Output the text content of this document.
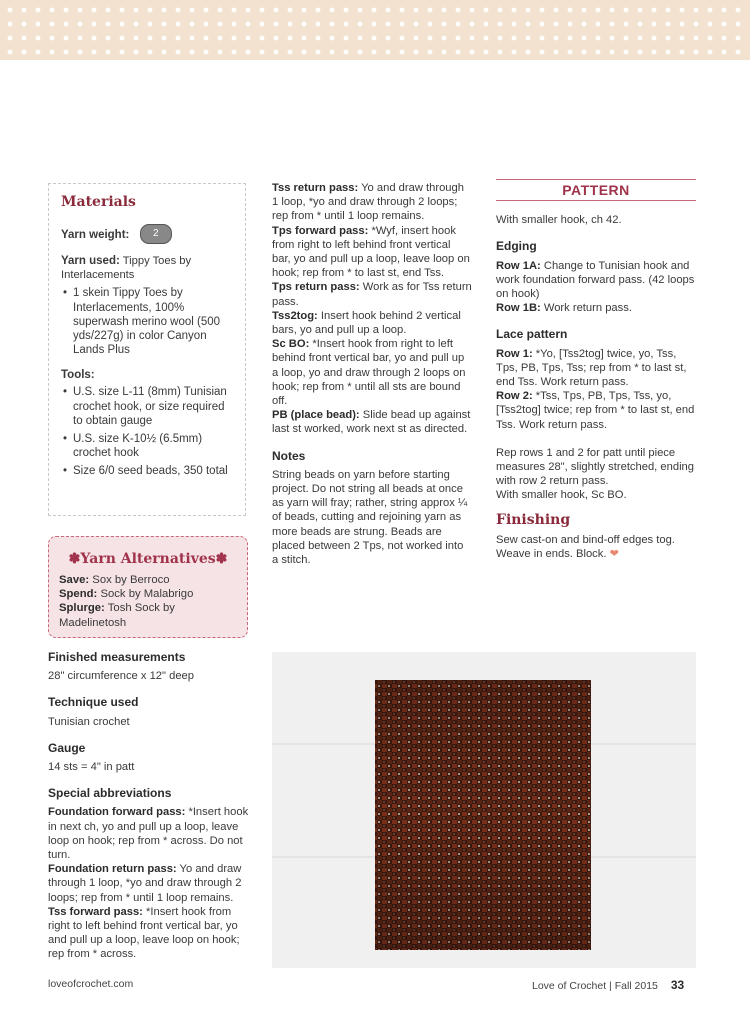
Materials
Yarn weight: 2
Yarn used: Tippy Toes by Interlacements
• 1 skein Tippy Toes by Interlacements, 100% superwash merino wool (500 yds/227g) in color Canyon Lands Plus
Tools:
• U.S. size L-11 (8mm) Tunisian crochet hook, or size required to obtain gauge
• U.S. size K-10½ (6.5mm) crochet hook
• Size 6/0 seed beads, 350 total
✽Yarn Alternatives✽

Save: Sox by Berroco

Spend: Sock by Malabrigo

Splurge: Tosh Sock by Madelinetosh

Finished measurements

28" circumference x 12" deep

Technique used

Tunisian crochet

Gauge

14 sts = 4" in patt

Special abbreviations

Foundation forward pass: *Insert hook in next ch, yo and pull up a loop, leave loop on hook; rep from * across. Do not turn.

Foundation return pass: Yo and draw through 1 loop, *yo and draw through 2 loops; rep from * until 1 loop remains.

Tss forward pass: *Insert hook from right to left behind front vertical bar, yo and pull up a loop, leave loop on hook; rep from * across.

Tss return pass: Yo and draw through 1 loop, *yo and draw through 2 loops; rep from * until 1 loop remains.

Tps forward pass: *Wyf, insert hook from right to left behind front vertical bar, yo and pull up a loop, leave loop on hook; rep from * to last st, end Tss.

Tps return pass: Work as for Tss return pass.

Tss2tog: Insert hook behind 2 vertical bars, yo and pull up a loop.

Sc BO: *Insert hook from right to left behind front vertical bar, yo and pull up a loop, yo and draw through 2 loops on hook; rep from * until all sts are bound off.

PB (place bead): Slide bead up against last st worked, work next st as directed.

Notes

String beads on yarn before starting project. Do not string all beads at once as yarn will fray; rather, string approx ¼ of beads, cutting and rejoining yarn as more beads are strung. Beads are placed between 2 Tps, not worked into a stitch.

PATTERN

With smaller hook, ch 42.

Edging

Row 1A: Change to Tunisian hook and work foundation forward pass. (42 loops on hook)

Row 1B: Work return pass.

Lace pattern

Row 1: *Yo, [Tss2tog] twice, yo, Tss, Tps, PB, Tps, Tss; rep from * to last st, end Tss. Work return pass.

Row 2: *Tss, Tps, PB, Tps, Tss, yo, [Tss2tog] twice; rep from * to last st, end Tss. Work return pass.

Rep rows 1 and 2 for patt until piece measures 28", slightly stretched, ending with row 2 return pass.

With smaller hook, Sc BO.

Finishing

Sew cast-on and bind-off edges tog. Weave in ends. Block. ❤

loveofcrochet.com	Love of Crochet | Fall 2015 33
